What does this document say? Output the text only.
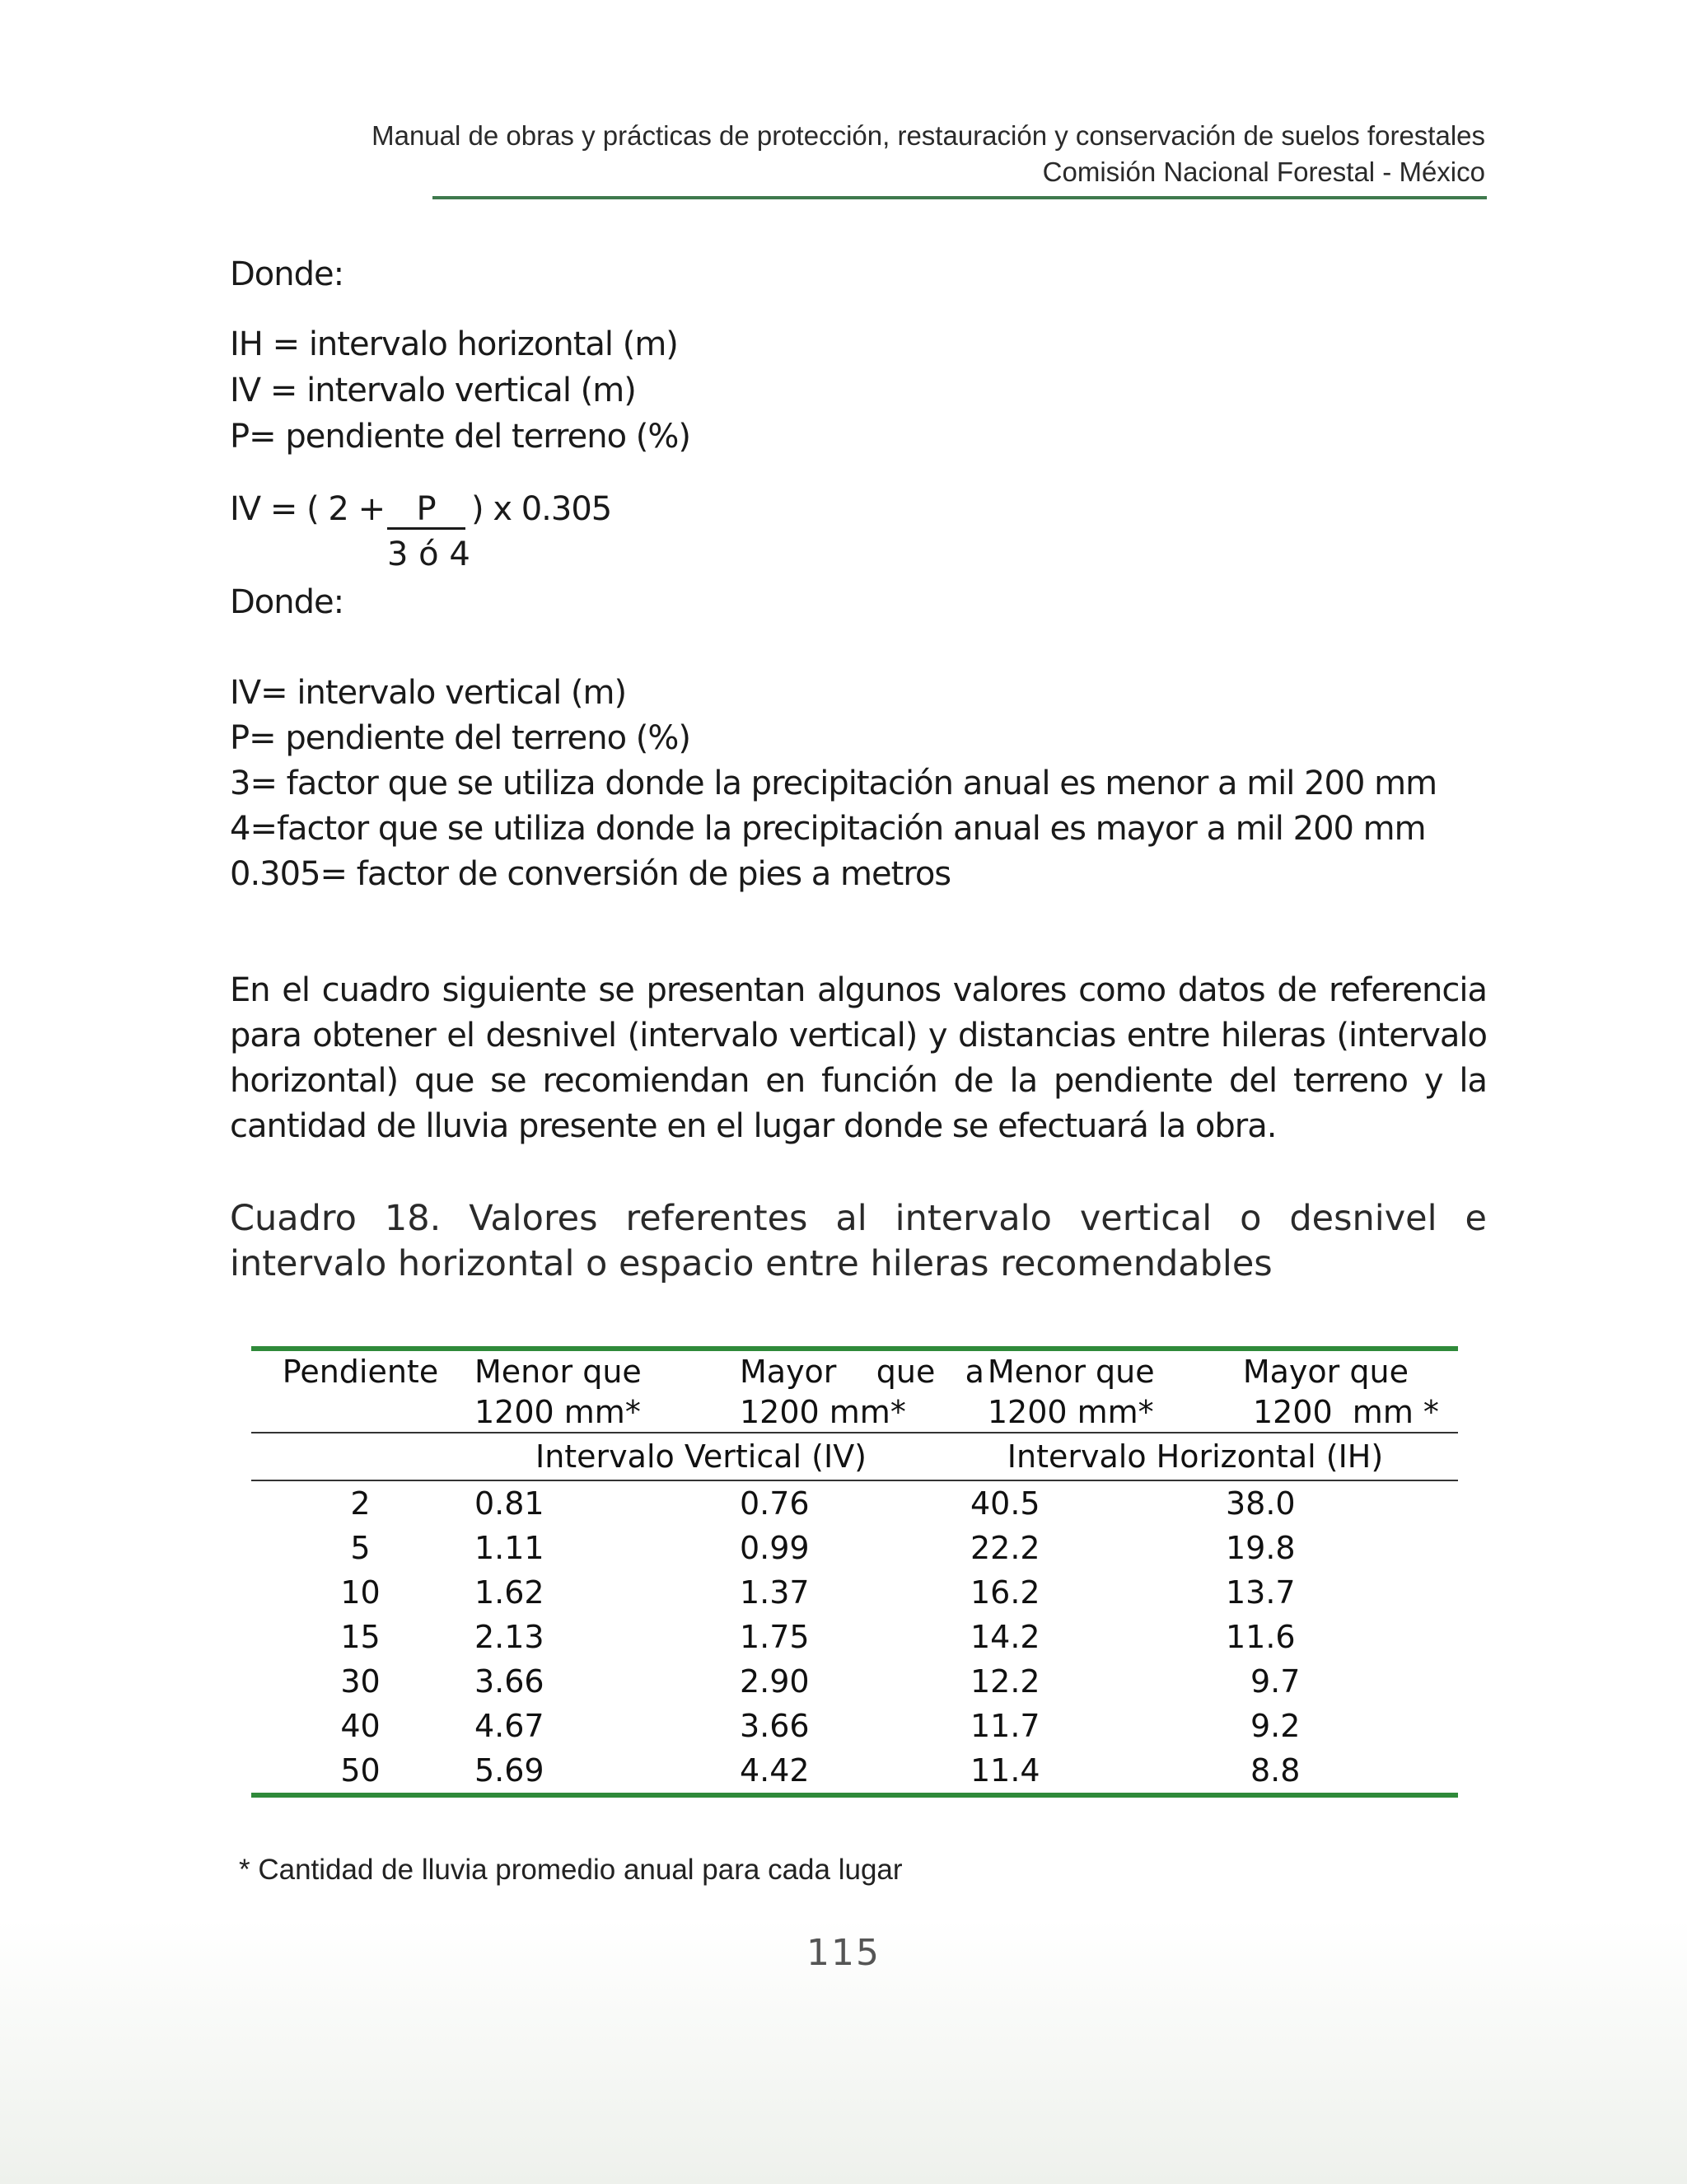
Manual de obras y prácticas de protección, restauración y conservación de suelos forestales
Comisión Nacional Forestal - México
Donde:
IH = intervalo horizontal (m)
IV = intervalo vertical (m)
P= pendiente del terreno (%)
IV = ( 2 +	) x 0.305
P
3 ó 4
Donde:
IV= intervalo vertical (m)
P= pendiente del terreno (%)
3= factor que se utiliza donde la precipitación anual es menor a mil 200 mm
4=factor que se utiliza donde la precipitación anual es mayor a mil 200 mm
0.305= factor de conversión de pies a metros
En el cuadro siguiente se presentan algunos valores como datos de referencia para obtener el desnivel (intervalo vertical) y distancias entre hileras (intervalo horizontal) que se recomiendan en función de la pendiente del terreno y la cantidad de lluvia presente en el lugar donde se efectuará la obra.
Cuadro 18. Valores referentes al intervalo vertical o desnivel e intervalo horizontal o espacio entre hileras recomendables
Pendiente	Menor que	Mayor    que   a	Menor que	Mayor que
	1200 mm*	1200 mm*	1200 mm*	1200  mm *
	Intervalo Vertical (IV)	Intervalo Horizontal (IH)
2	0.81	0.76	40.5	38.0
5	1.11	0.99	22.2	19.8
10	1.62	1.37	16.2	13.7
15	2.13	1.75	14.2	11.6
30	3.66	2.90	12.2	9.7
40	4.67	3.66	11.7	9.2
50	5.69	4.42	11.4	8.8
* Cantidad de lluvia promedio anual para cada lugar
115
